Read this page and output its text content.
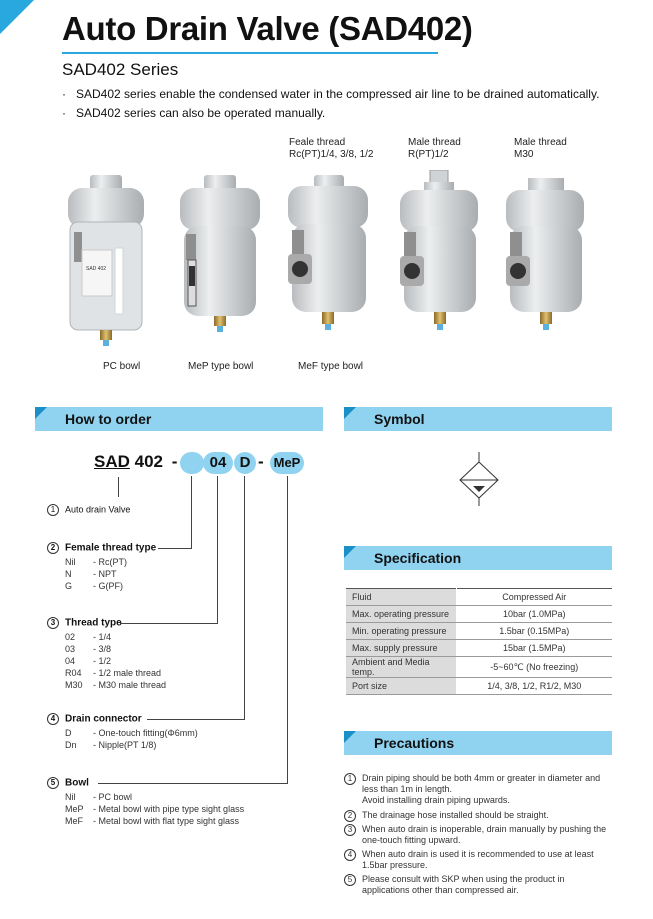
Auto Drain Valve (SAD402)
SAD402 Series
· SAD402 series enable the condensed water in the compressed air line to be drained automatically.
· SAD402 series can also be operated manually.
Feale thread
Rc(PT)1/4, 3/8, 1/2
Male thread
R(PT)1/2
Male thread
M30
SAD 402
PC bowl	MeP type bowl	MeF type bowl
How to order	Symbol
Specification
Precautions
SAD 402 -	04 D - MeP
1 Auto drain Valve
2 Female thread type
Nil - Rc(PT)
N - NPT
G - G(PF)
3 Thread type
02 - 1/4
03 - 3/8
04 - 1/2
R04 - 1/2 male thread
M30 - M30 male thread
4 Drain connector
D - One-touch fitting(Φ6mm)
Dn - Nipple(PT 1/8)
5 Bowl
Nil - PC bowl
MeP - Metal bowl with pipe type sight glass
MeF - Metal bowl with flat type sight glass
Fluid	Compressed Air
Max. operating pressure	10bar (1.0MPa)
Min. operating pressure	1.5bar (0.15MPa)
Max. supply pressure	15bar (1.5MPa)
Ambient and Media temp.	-5~60℃ (No freezing)
Port size	1/4, 3/8, 1/2, R1/2, M30
1	Drain piping should be both 4mm or greater in diameter and less than 1m in length.
Avoid installing drain piping upwards.
2	The drainage hose installed should be straight.
3	When auto drain is inoperable, drain manually by pushing the one-touch fitting upward.
4	When auto drain is used it is recommended to use at least 1.5bar pressure.
5	Please consult with SKP when using the product in applications other than compressed air.
